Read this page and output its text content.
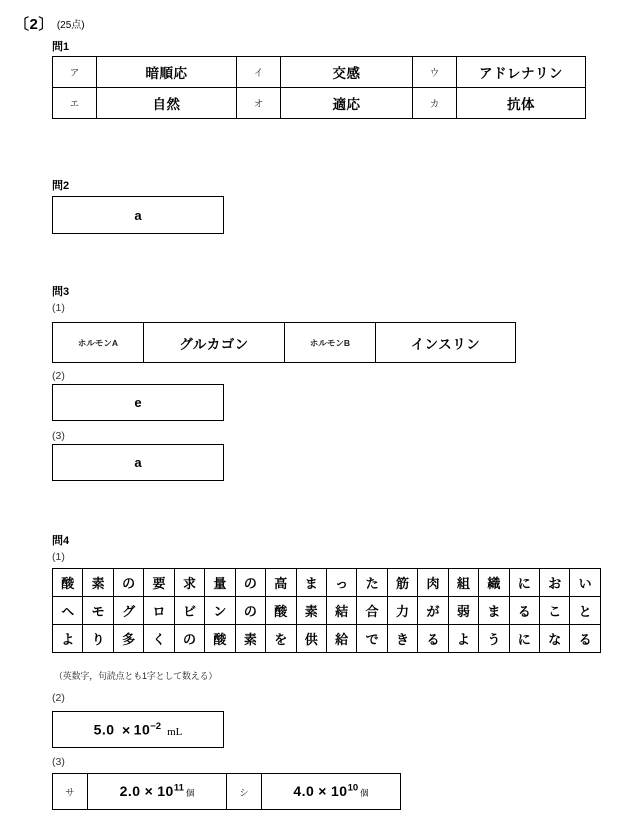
〔2〕 (25点)
問1
ア	暗順応	イ	交感	ウ	アドレナリン
エ	自然	オ	適応	カ	抗体
問2
a
問3
(1)
ホルモンA	グルカゴン	ホルモンB	インスリン
(2)
e
(3)
a
問4
(1)
酸	素	の	要	求	量	の	高	ま	っ	た	筋	肉	組	織	に	お	い
ヘ	モ	グ	ロ	ビ	ン	の	酸	素	結	合	力	が	弱	ま	る	こ	と
よ	り	多	く	の	酸	素	を	供	給	で	き	る	よ	う	に	な	る
（英数字，句読点とも1字として数える）
(2)
$5.0 \times 10^{-2}$ mL
(3)
サ	$2.0 \times 10^{11}$ 個	シ	$4.0 \times 10^{10}$ 個
